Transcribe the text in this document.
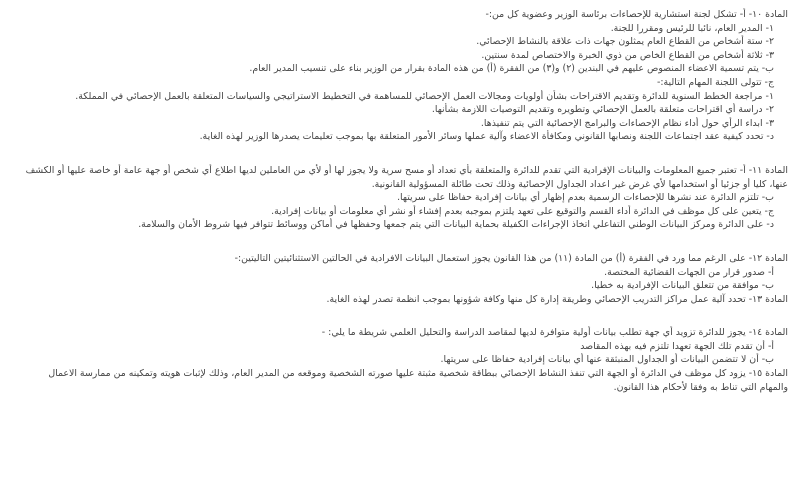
المادة ١٠- أ- تشكل لجنة استشارية للإحصاءات برئاسة الوزير وعضوية كل من:-
١- المدير العام، نائبا للرئيس ومقررا للجنة.
٢- ستة أشخاص من القطاع العام يمثلون جهات ذات علاقة بالنشاط الإحصائي.
٣- ثلاثة أشخاص من القطاع الخاص من ذوي الخبرة والاختصاص لمدة سنتين.
ب- يتم تسمية الاعضاء المنصوص عليهم في البندين (٢) و(٣) من الفقرة (أ) من هذه المادة بقرار من الوزير بناء على تنسيب المدير العام.
ج- تتولى اللجنة المهام التالية:-
١- مراجعة الخطط السنوية للدائرة وتقديم الاقتراحات بشأن أولويات ومجالات العمل الإحصائي للمساهمة في التخطيط الاستراتيجي والسياسات المتعلقة بالعمل الإحصائي في المملكة.
٢- دراسة أي اقتراحات متعلقة بالعمل الإحصائي وتطويره وتقديم التوصيات اللازمة بشأنها.
٣- ابداء الرأي حول أداء نظام الإحصاءات والبرامج الإحصائية التي يتم تنفيذها.
د- تحدد كيفية عقد اجتماعات اللجنة ونصابها القانوني ومكافأة الاعضاء وآلية عملها وسائر الأمور المتعلقة بها بموجب تعليمات يصدرها الوزير لهذه الغاية.
المادة ١١- أ- تعتبر جميع المعلومات والبيانات الإفرادية التي تقدم للدائرة والمتعلقة بأي تعداد أو مسح سرية ولا يجوز لها أو لأي من العاملين لديها اطلاع أي شخص أو جهة عامة أو خاصة عليها أو الكشف
عنها، كليا أو جزئيا أو استخدامها لأي غرض غير اعداد الجداول الإحصائية وذلك تحت طائلة المسؤولية القانونية.
ب- تلتزم الدائرة عند نشرها للإحصاءات الرسمية بعدم إظهار أي بيانات إفرادية حفاظا على سريتها.
ج- يتعين على كل موظف في الدائرة أداء القسم والتوقيع على تعهد يلتزم بموجبه بعدم إفشاء أو نشر أي معلومات أو بيانات إفرادية.
د- على الدائرة ومركز البيانات الوطني التفاعلي اتخاذ الإجراءات الكفيلة بحماية البيانات التي يتم جمعها وحفظها في أماكن ووسائط تتوافر فيها شروط الأمان والسلامة.
المادة ١٢- على الرغم مما ورد في الفقرة (أ) من المادة (١١) من هذا القانون يجوز استعمال البيانات الافرادية في الحالتين الاستثنائيتين التاليتين:-
أ- صدور قرار من الجهات القضائية المختصة.
ب- موافقة من تتعلق البيانات الإفرادية به خطيا.
المادة ١٣- تحدد آلية عمل مراكز التدريب الإحصائي وطريقة إدارة كل منها وكافة شؤونها بموجب انظمة تصدر لهذه الغاية.
المادة ١٤- يجوز للدائرة تزويد أي جهة تطلب بيانات أولية متوافرة لديها لمقاصد الدراسة والتحليل العلمي شريطة ما يلي: -
أ- أن تقدم تلك الجهة تعهدا تلتزم فيه بهذه المقاصد
ب- أن لا تتضمن البيانات أو الجداول المنبثقة عنها أي بيانات إفرادية حفاظا على سريتها.
المادة ١٥- يزود كل موظف في الدائرة أو الجهة التي تنفذ النشاط الإحصائي ببطاقة شخصية مثبتة عليها صورته الشخصية وموقعه من المدير العام، وذلك لإثبات هويته وتمكينه من ممارسة الاعمال
والمهام التي تناط به وفقا لأحكام هذا القانون.
